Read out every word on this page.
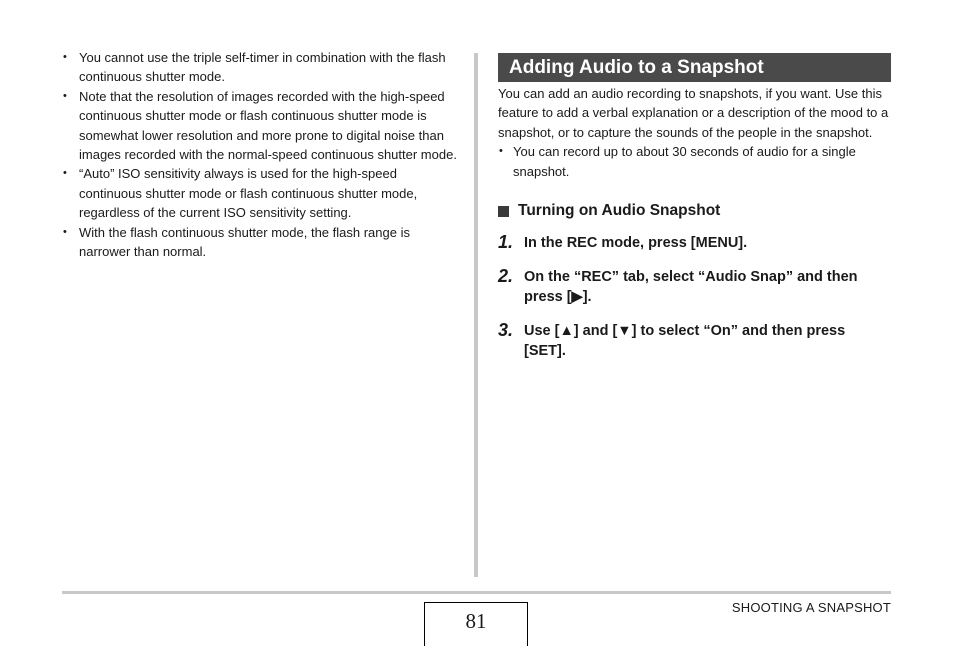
• You cannot use the triple self-timer in combination with the flash continuous shutter mode.
• Note that the resolution of images recorded with the high-speed continuous shutter mode or flash continuous shutter mode is somewhat lower resolution and more prone to digital noise than images recorded with the normal-speed continuous shutter mode.
• “Auto” ISO sensitivity always is used for the high-speed continuous shutter mode or flash continuous shutter mode, regardless of the current ISO sensitivity setting.
• With the flash continuous shutter mode, the flash range is narrower than normal.
Adding Audio to a Snapshot

You can add an audio recording to snapshots, if you want. Use this feature to add a verbal explanation or a description of the mood to a snapshot, or to capture the sounds of the people in the snapshot.

• You can record up to about 30 seconds of audio for a single snapshot.
Turning on Audio Snapshot
1. In the REC mode, press [MENU].
2. On the “REC” tab, select “Audio Snap” and then press [▶].
3. Use [▲] and [▼] to select “On” and then press [SET].
81
SHOOTING A SNAPSHOT
